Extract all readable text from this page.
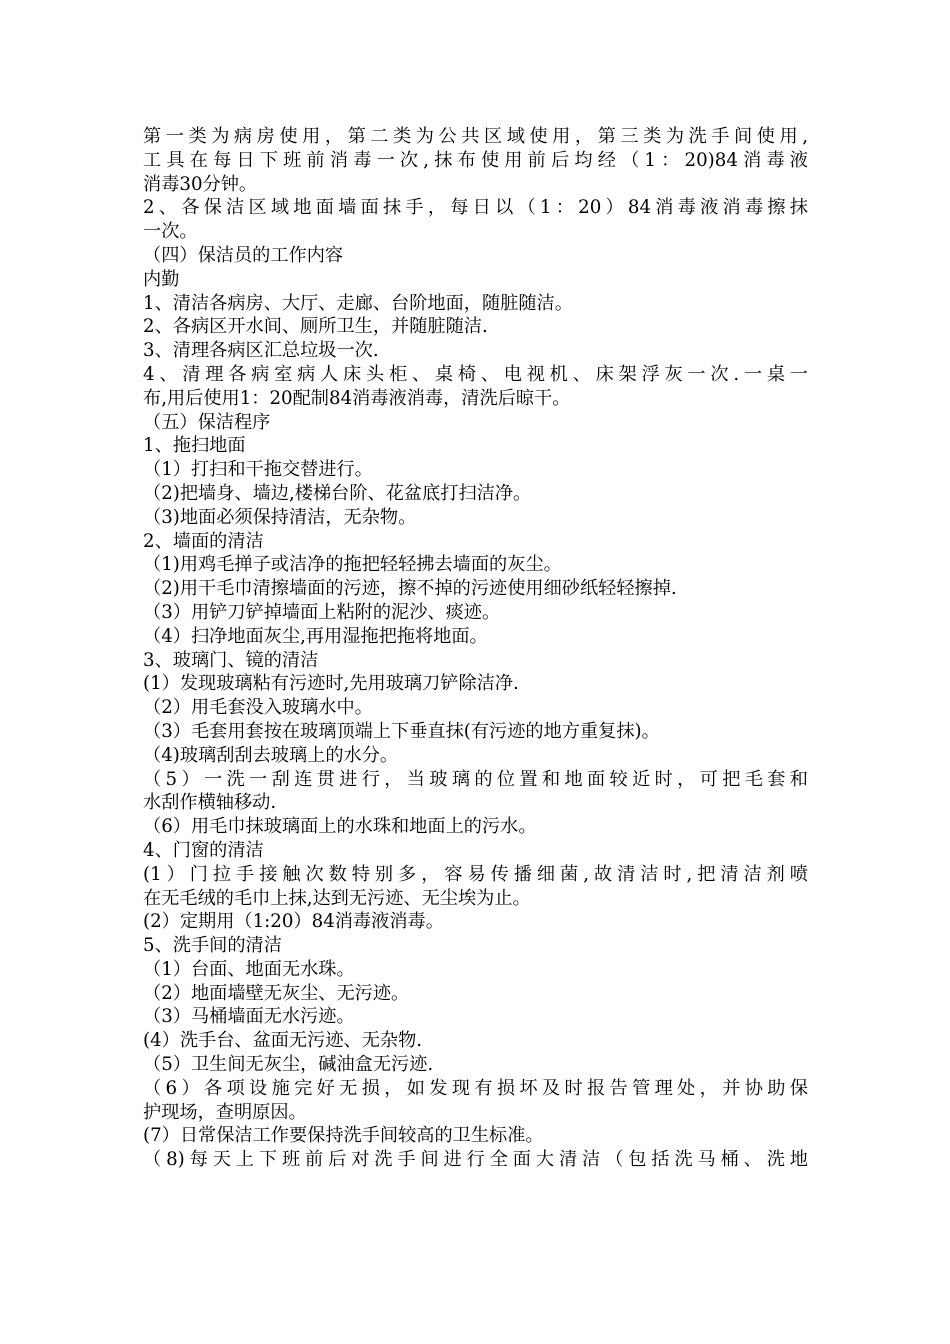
第一类为病房使用，第二类为公共区域使用，第三类为洗手间使用,
工具在每日下班前消毒一次,抹布使用前后均经（1：20)84消毒液
消毒30分钟。
2、各保洁区域地面墙面抹手，每日以（1：20）84消毒液消毒擦抹
一次。
（四）保洁员的工作内容
内勤
1、清洁各病房、大厅、走廊、台阶地面，随脏随洁。
2、各病区开水间、厕所卫生，并随脏随洁.
3、清理各病区汇总垃圾一次.
4、清理各病室病人床头柜、桌椅、电视机、床架浮灰一次.一桌一
布,用后使用1：20配制84消毒液消毒，清洗后晾干。
（五）保洁程序
1、拖扫地面
（1）打扫和干拖交替进行。
（2)把墙身、墙边,楼梯台阶、花盆底打扫洁净。
（3)地面必须保持清洁，无杂物。
2、墙面的清洁
（1)用鸡毛掸子或洁净的拖把轻轻拂去墙面的灰尘。
（2)用干毛巾清擦墙面的污迹，擦不掉的污迹使用细砂纸轻轻擦掉.
（3）用铲刀铲掉墙面上粘附的泥沙、痰迹。
（4）扫净地面灰尘,再用湿拖把拖将地面。
3、玻璃门、镜的清洁
(1）发现玻璃粘有污迹时,先用玻璃刀铲除洁净.
（2）用毛套没入玻璃水中。
（3）毛套用套按在玻璃顶端上下垂直抹(有污迹的地方重复抹)。
（4)玻璃刮刮去玻璃上的水分。
（5）一洗一刮连贯进行，当玻璃的位置和地面较近时，可把毛套和
水刮作横轴移动.
（6）用毛巾抹玻璃面上的水珠和地面上的污水。
4、门窗的清洁
(1）门拉手接触次数特别多，容易传播细菌,故清洁时,把清洁剂喷
在无毛绒的毛巾上抹,达到无污迹、无尘埃为止。
(2）定期用（1:20）84消毒液消毒。
5、洗手间的清洁
（1）台面、地面无水珠。
（2）地面墙壁无灰尘、无污迹。
（3）马桶墙面无水污迹。
(4）洗手台、盆面无污迹、无杂物.
（5）卫生间无灰尘，碱油盒无污迹.
（6）各项设施完好无损，如发现有损坏及时报告管理处，并协助保
护现场，查明原因。
(7）日常保洁工作要保持洗手间较高的卫生标准。
（8)每天上下班前后对洗手间进行全面大清洁（包括洗马桶、洗地
